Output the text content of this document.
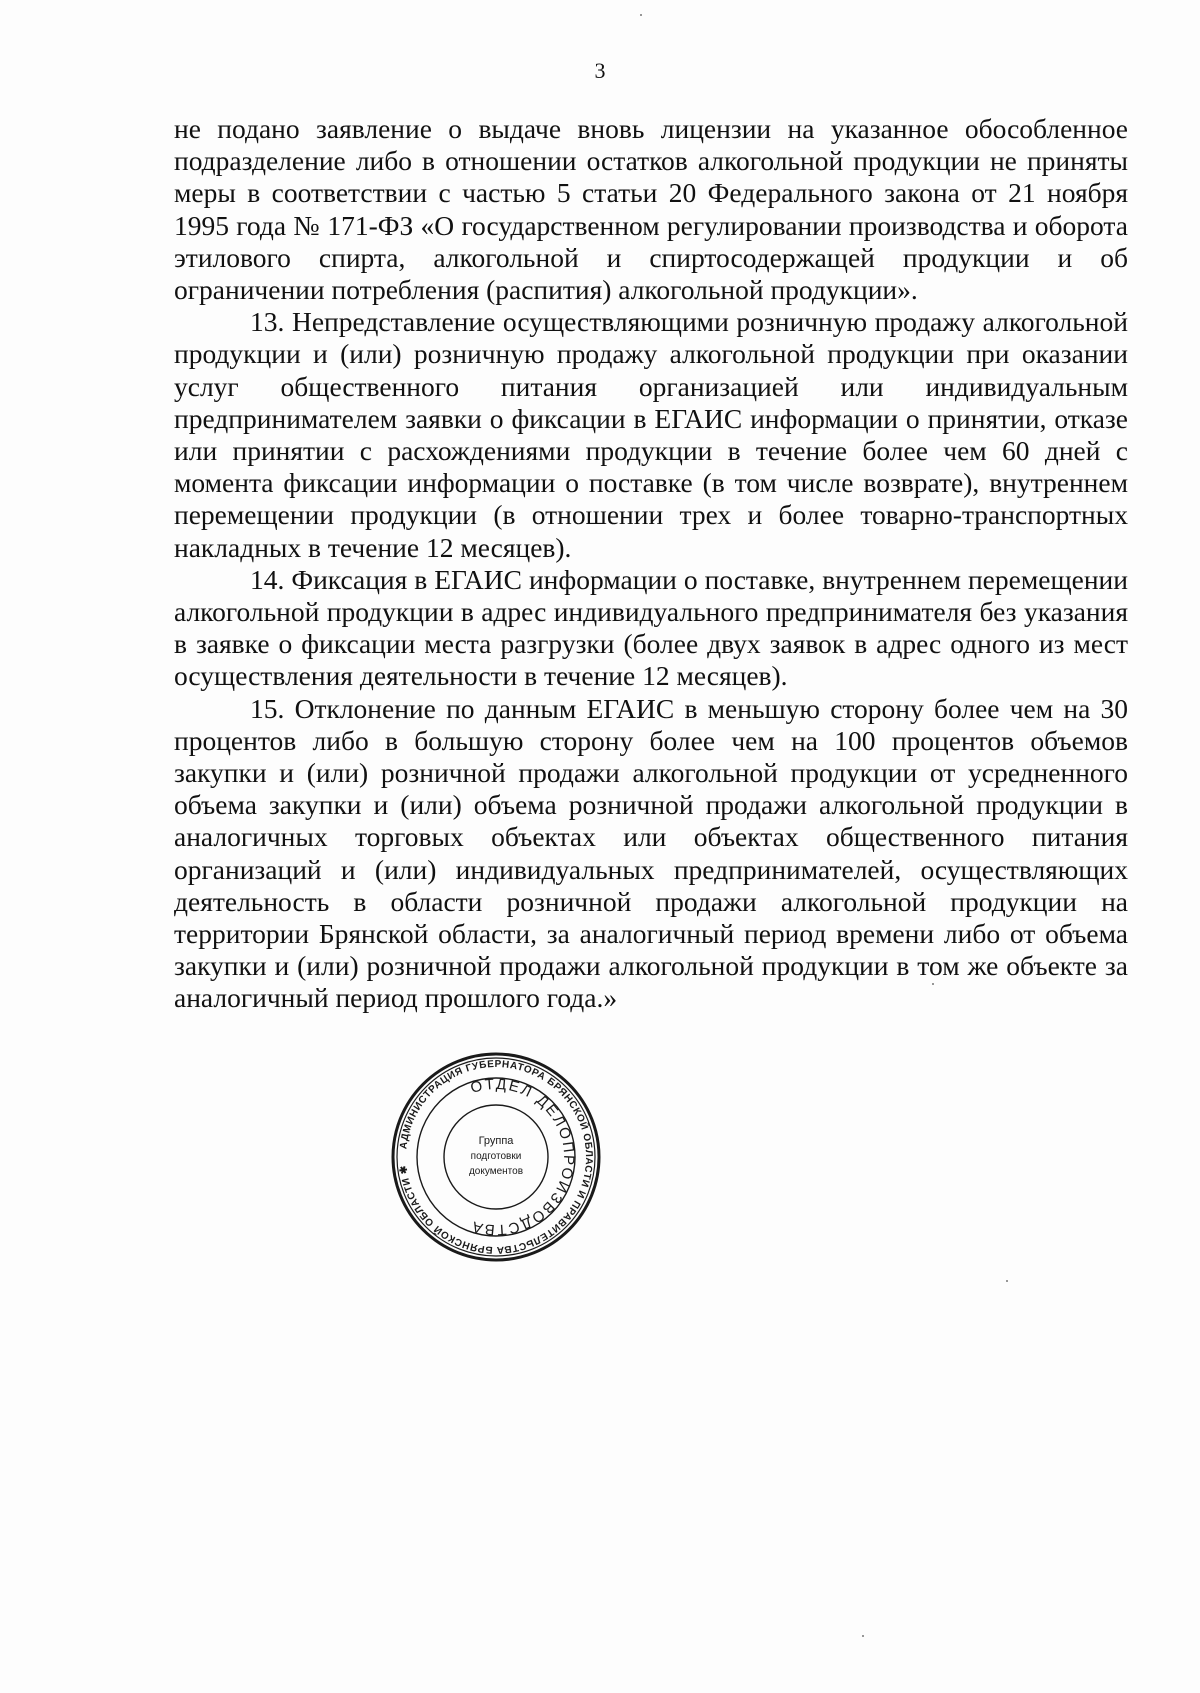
3

не подано заявление о выдаче вновь лицензии на указанное обособленное подразделение либо в отношении остатков алкогольной продукции не приняты меры в соответствии с частью 5 статьи 20 Федерального закона от 21 ноября 1995 года № 171-ФЗ «О государственном регулировании производства и оборота этилового спирта, алкогольной и спиртосодержащей продукции и об ограничении потребления (распития) алкогольной продукции».

13. Непредставление осуществляющими розничную продажу алкогольной продукции и (или) розничную продажу алкогольной продукции при оказании услуг общественного питания организацией или индивидуальным предпринимателем заявки о фиксации в ЕГАИС информации о принятии, отказе или принятии с расхождениями продукции в течение более чем 60 дней с момента фиксации информации о поставке (в том числе возврате), внутреннем перемещении продукции (в отношении трех и более товарно-транспортных накладных в течение 12 месяцев).

14. Фиксация в ЕГАИС информации о поставке, внутреннем перемещении алкогольной продукции в адрес индивидуального предпринимателя без указания в заявке о фиксации места разгрузки (более двух заявок в адрес одного из мест осуществления деятельности в течение 12 месяцев).

15. Отклонение по данным ЕГАИС в меньшую сторону более чем на 30 процентов либо в большую сторону более чем на 100 процентов объемов закупки и (или) розничной продажи алкогольной продукции от усредненного объема закупки и (или) объема розничной продажи алкогольной продукции в аналогичных торговых объектах или объектах общественного питания организаций и (или) индивидуальных предпринимателей, осуществляющих деятельность в области розничной продажи алкогольной продукции на территории Брянской области, за аналогичный период времени либо от объема закупки и (или) розничной продажи алкогольной продукции в том же объекте за аналогичный период прошлого года.»

АДМИНИСТРАЦИЯ ГУБЕРНАТОРА БРЯНСКОЙ ОБЛАСТИ И ПРАВИТЕЛЬСТВА БРЯНСКОЙ ОБЛАСТИ ✱
ОТДЕЛ ДЕЛОПРОИЗВОДСТВА
Группа
подготовки
документов
